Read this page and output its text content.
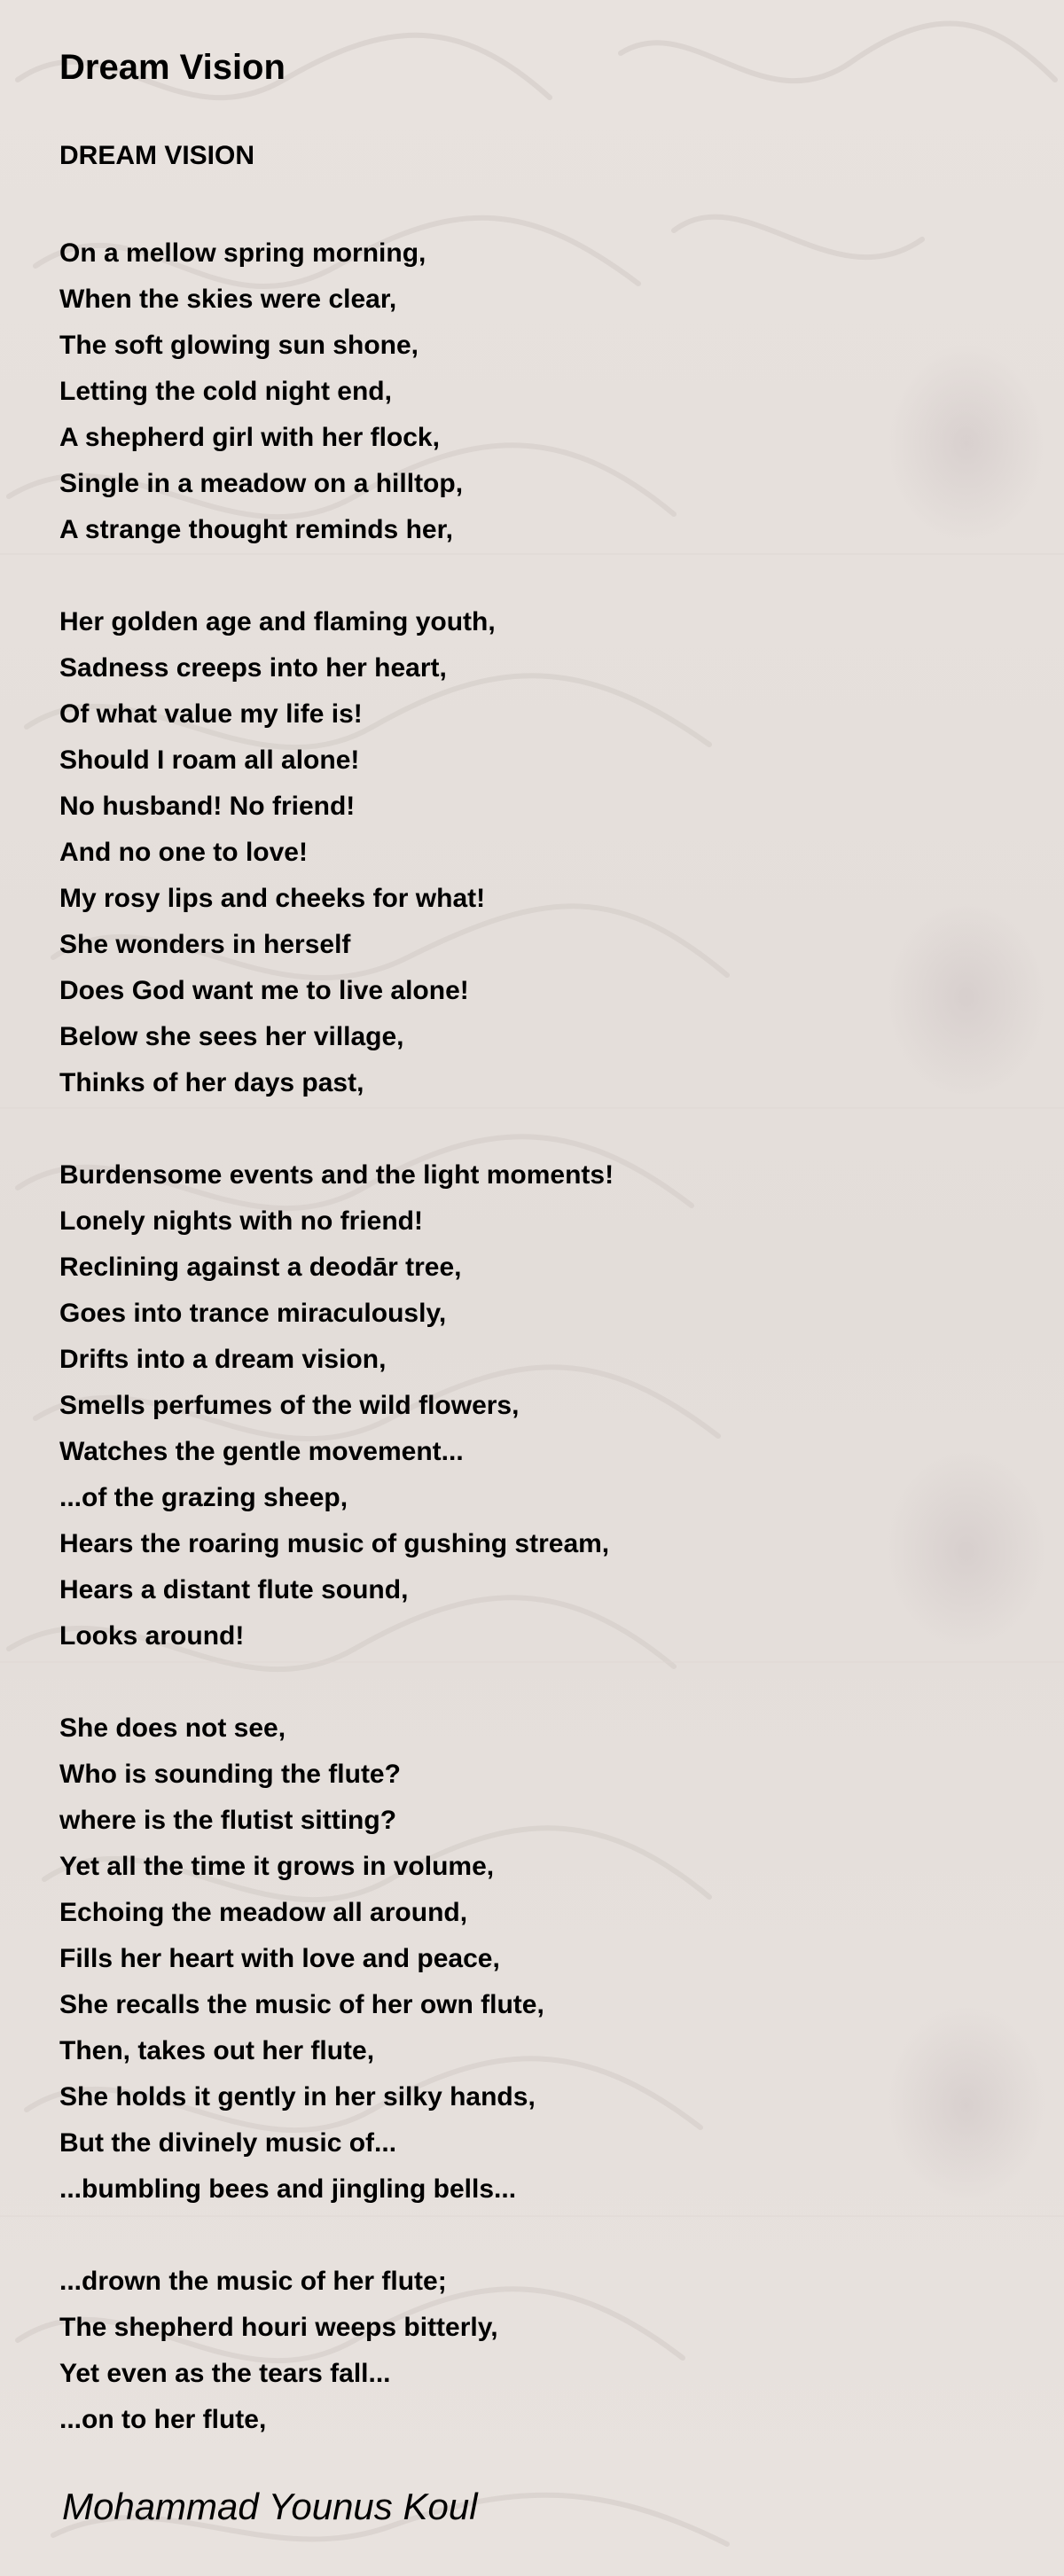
Dream Vision
DREAM VISION
On a mellow spring morning,
When the skies were clear,
The soft glowing sun shone,
Letting the cold night end,
A shepherd girl with her flock,
Single in a meadow on a hilltop,
A strange thought reminds her,
Her golden age and flaming youth,
Sadness creeps into her heart,
Of what value my life is!
Should I roam all alone!
No husband! No friend!
And no one to love!
My rosy lips and cheeks for what!
She wonders in herself
Does God want me to live alone!
Below she sees her village,
Thinks of her days past,
Burdensome events and the light moments!
Lonely nights with no friend!
Reclining against a deodār tree,
Goes into trance miraculously,
Drifts into a dream vision,
Smells perfumes of the wild flowers,
Watches the gentle movement...
...of the grazing sheep,
Hears the roaring music of gushing stream,
Hears a distant flute sound,
Looks around!
She does not see,
Who is sounding the flute?
where is the flutist sitting?
Yet all the time it grows in volume,
Echoing the meadow all around,
Fills her heart with love and peace,
She recalls the music of her own flute,
Then, takes out her flute,
She holds it gently in her silky hands,
But the divinely music of...
...bumbling bees and jingling bells...
...drown the music of her flute;
The shepherd houri weeps bitterly,
Yet even as the tears fall...
...on to her flute,
Mohammad Younus Koul
